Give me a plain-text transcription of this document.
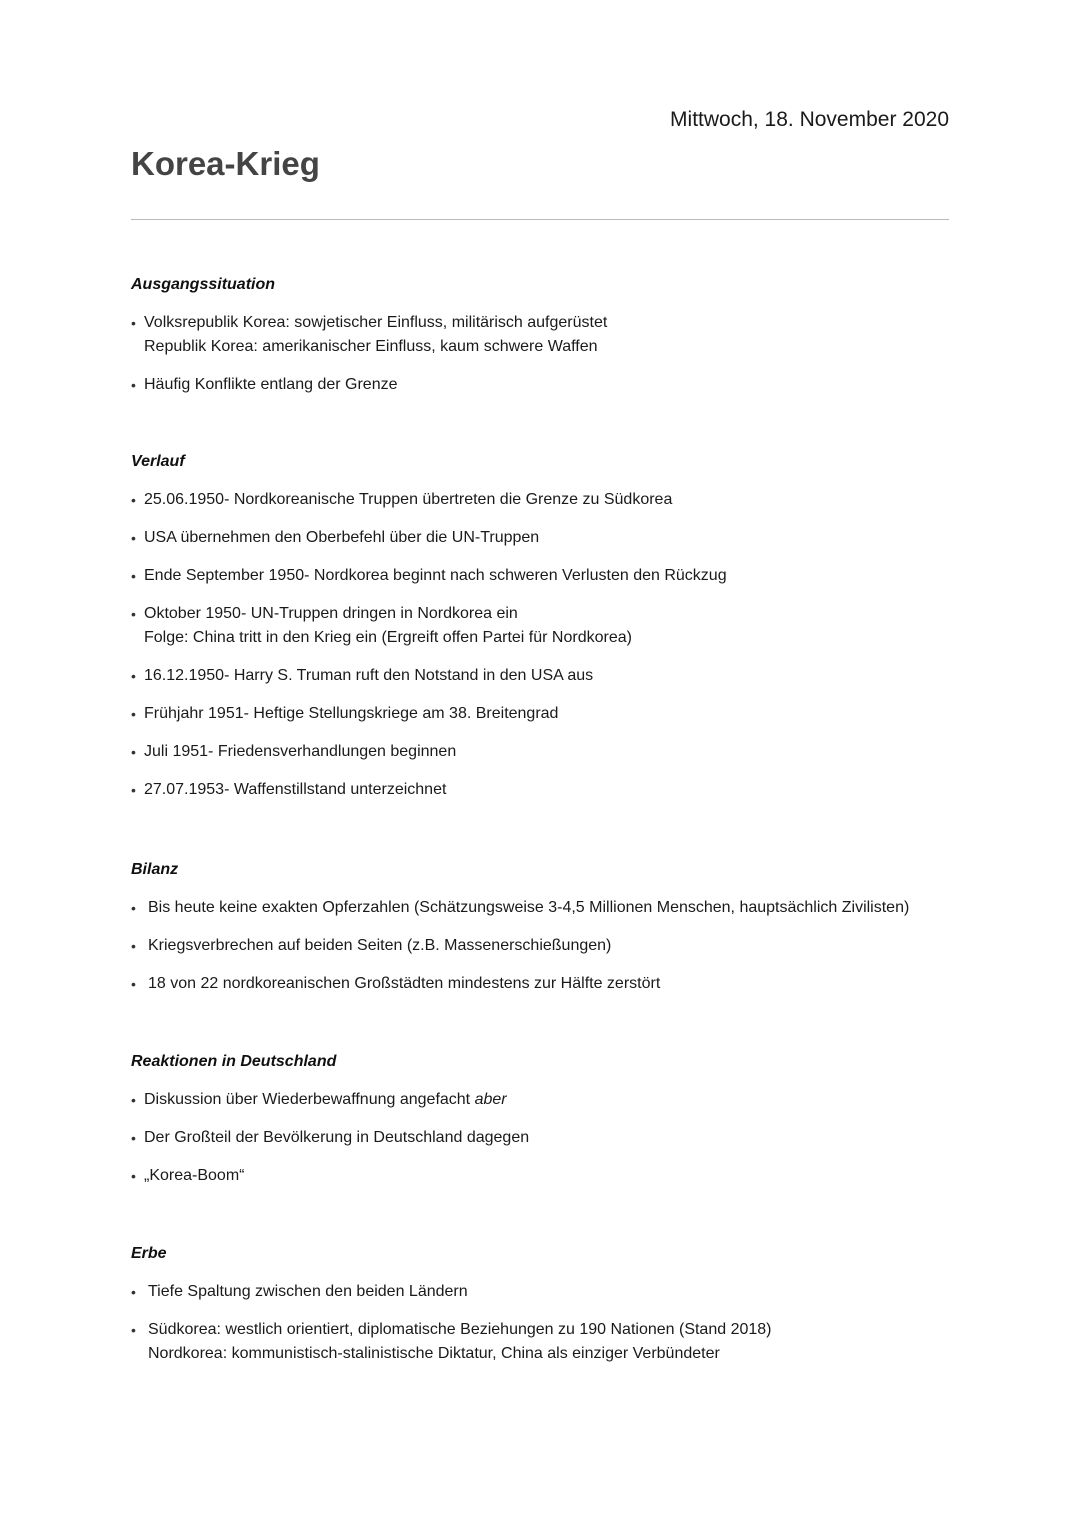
Mittwoch, 18. November 2020
Korea-Krieg
Ausgangssituation
• Volksrepublik Korea: sowjetischer Einfluss, militärisch aufgerüstet
Republik Korea: amerikanischer Einfluss, kaum schwere Waffen
• Häufig Konflikte entlang der Grenze
Verlauf
• 25.06.1950- Nordkoreanische Truppen übertreten die Grenze zu Südkorea
• USA übernehmen den Oberbefehl über die UN-Truppen
• Ende September 1950- Nordkorea beginnt nach schweren Verlusten den Rückzug
• Oktober 1950- UN-Truppen dringen in Nordkorea ein
Folge: China tritt in den Krieg ein (Ergreift offen Partei für Nordkorea)
• 16.12.1950- Harry S. Truman ruft den Notstand in den USA aus
• Frühjahr 1951- Heftige Stellungskriege am 38. Breitengrad
• Juli 1951- Friedensverhandlungen beginnen
• 27.07.1953- Waffenstillstand unterzeichnet
Bilanz
• Bis heute keine exakten Opferzahlen (Schätzungsweise 3-4,5 Millionen Menschen, hauptsächlich Zivilisten)
• Kriegsverbrechen auf beiden Seiten (z.B. Massenerschießungen)
• 18 von 22 nordkoreanischen Großstädten mindestens zur Hälfte zerstört
Reaktionen in Deutschland
• Diskussion über Wiederbewaffnung angefacht aber
• Der Großteil der Bevölkerung in Deutschland dagegen
• „Korea-Boom“
Erbe
• Tiefe Spaltung zwischen den beiden Ländern
• Südkorea: westlich orientiert, diplomatische Beziehungen zu 190 Nationen (Stand 2018)
Nordkorea: kommunistisch-stalinistische Diktatur, China als einziger Verbündeter
